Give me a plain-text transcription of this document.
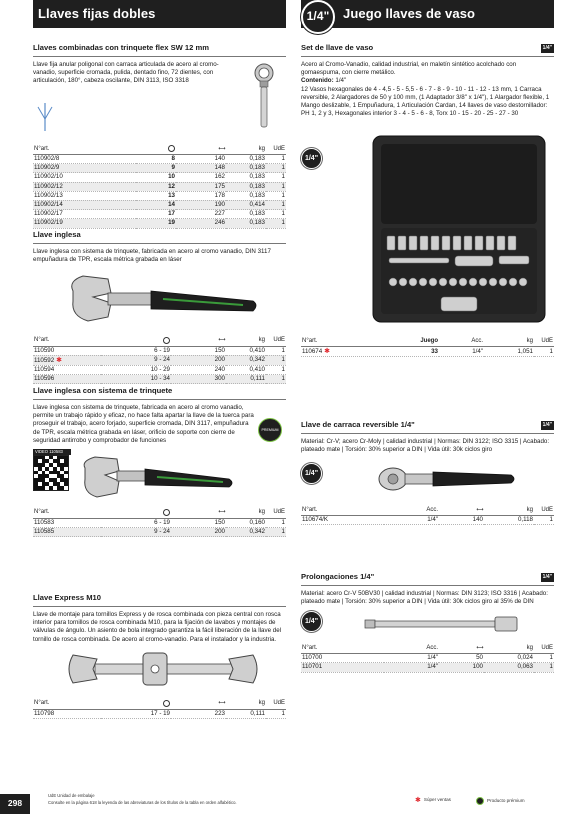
Llaves fijas dobles
Llaves combinadas con trinquete flex SW 12 mm
Llave fija anular poligonal con carraca articulada de acero al cromo-vanadio, superficie cromada, pulida, dentado fino, 72 dientes, con articulación, 180°, cabeza oscilante, DIN 3113, ISO 3318
N°art.		⟷	kg	UdE
110902/8	8	140	0,183	1
110902/9	9	148	0,183	1
110902/10	10	162	0,183	1
110902/12	12	175	0,183	1
110902/13	13	178	0,183	1
110902/14	14	190	0,414	1
110902/17	17	227	0,183	1
110902/19	19	246	0,183	1
Llave inglesa
Llave inglesa con sistema de trinquete, fabricada en acero al cromo vanadio, DIN 3117 empuñadura de TPR, escala métrica grabada en láser
N°art.		⟷	kg	UdE
110590	6 - 19	150	0,410	1
110592 ✱	9 - 24	200	0,342	1
110594	10 - 29	240	0,410	1
110596	10 - 34	300	0,111	1
Llave inglesa con sistema de trinquete
Llave inglesa con sistema de trinquete, fabricada en acero al cromo vanadio, permite un trabajo rápido y eficaz, no hace falta apartar la llave de la tuerca para proseguir el trabajo, acero forjado, superficie cromada, DIN 3117, empuñadura de TPR, escala métrica grabada en láser, orificio de soporte con cierre de seguridad antirrobo y comprobador de funciones
PREMIUM
VIDEO 110583
N°art.		⟷	kg	UdE
110583	6 - 19	150	0,160	1
110585	9 - 24	200	0,342	1
Llave Express M10
Llave de montaje para tornillos Express y de rosca combinada con pieza central con rosca interior para tornillos de rosca combinada M10, para la fijación de lavabos y montajes de válvulas de ángulo. Un asiento de bola integrado garantiza la fácil liberación de la llave del tornillo de rosca combinada. De acero al cromo-vanadio. Para el instalador y la industria.
N°art.		⟷	kg	UdE
110798	17 - 19	223	0,111	1
1/4" Juego llaves de vaso
Set de llave de vaso	1/4"
Acero al Cromo-Vanadio, calidad industrial, en maletín sintético acolchado con gomaespuma, con cierre metálico.
Contenido: 1/4"
12 Vasos hexagonales de 4 - 4,5 - 5 - 5,5 - 6 - 7 - 8 - 9 - 10 - 11 - 12 - 13 mm, 1 Carraca reversible, 2 Alargadores de 50 y 100 mm, (1 Adaptador 3/8" x 1/4"), 1 Alargador flexible, 1 Mango deslizable, 1 Empuñadura, 1 Articulación Cardan, 14 llaves de vaso destornillador: PH 1, 2 y 3, Hexagonales interior 3 - 4 - 5 - 6 - 8, Torx 10 - 15 - 20 - 25 - 27 - 30
1/4"
N°art.	Juego	Acc.	kg	UdE
110674 ✱	33	1/4"	1,051	1
Llave de carraca reversible 1/4"	1/4"
Material: Cr-V; acero Cr-Moly | calidad industrial | Normas: DIN 3122; ISO 3315 | Acabado: plateado mate | Torsión: 30% superior a DIN | Vida útil: 30k ciclos giro
1/4"
N°art.	Acc.	⟷	kg	UdE
110674/K	1/4"	140	0,118	1
Prolongaciones 1/4"	1/4"
Material: acero Cr-V 50BV30 | calidad industrial | Normas: DIN 3123; ISO 3316 | Acabado: plateado mate | Torsión: 30% superior a DIN | Vida útil: 30k ciclos giro al 35% de DIN
1/4"
N°art.	Acc.	⟷	kg	UdE
110700	1/4"	50	0,024	1
110701	1/4"	100	0,063	1
298
UdE Unidad de embalaje
Consulte en la página 618 la leyenda de las abreviaturas de los títulos de la tabla en orden alfabético.	✱ Súper ventas	Producto prémium
